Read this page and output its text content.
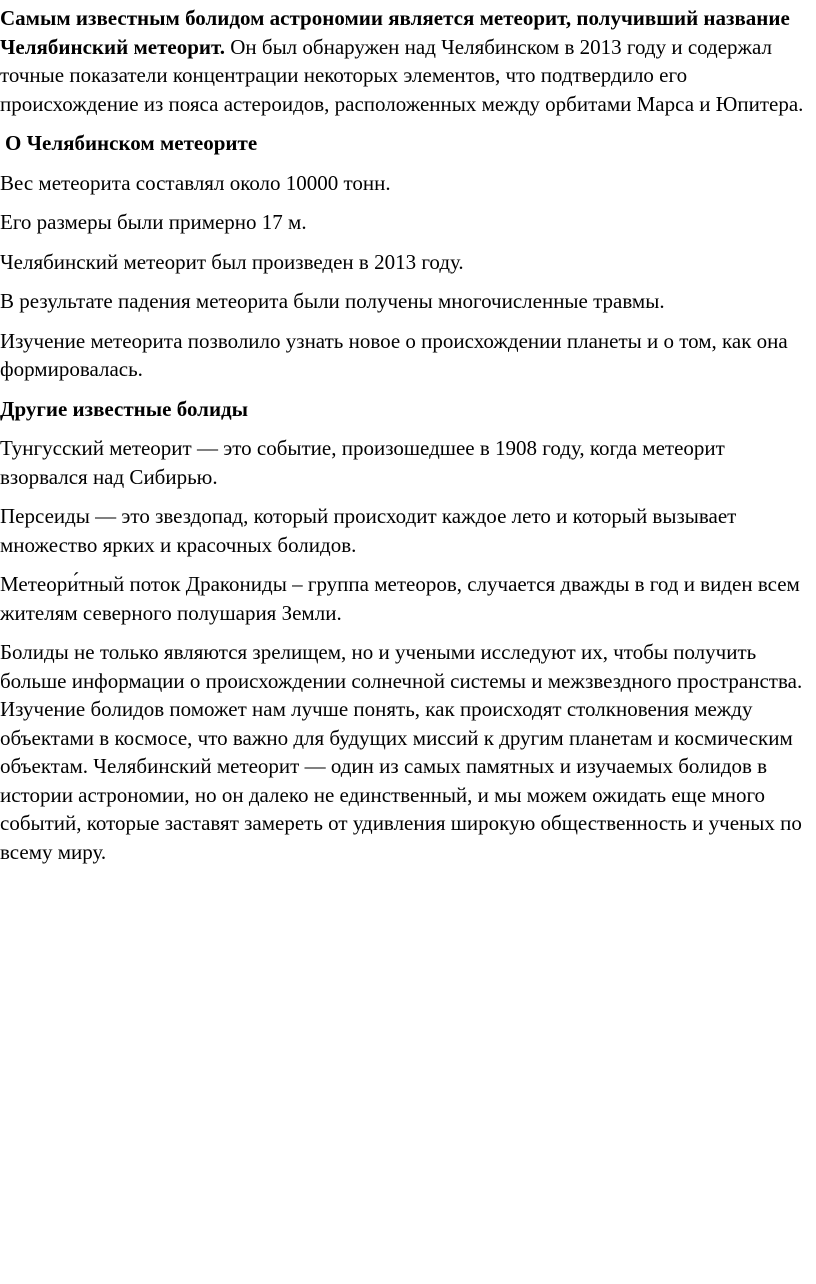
Самым известным болидом астрономии является метеорит, получивший название Челябинский метеорит. Он был обнаружен над Челябинском в 2013 году и содержал точные показатели концентрации некоторых элементов, что подтвердило его происхождение из пояса астероидов, расположенных между орбитами Марса и Юпитера.

О Челябинском метеорите

Вес метеорита составлял около 10000 тонн.

Его размеры были примерно 17 м.

Челябинский метеорит был произведен в 2013 году.

В результате падения метеорита были получены многочисленные травмы.

Изучение метеорита позволило узнать новое о происхождении планеты и о том, как она формировалась.

Другие известные болиды

Тунгусский метеорит — это событие, произошедшее в 1908 году, когда метеорит взорвался над Сибирью.

Персеиды — это звездопад, который происходит каждое лето и который вызывает множество ярких и красочных болидов.

Метеори́тный поток Дракониды – группа метеоров, случается дважды в год и виден всем жителям северного полушария Земли.

Болиды не только являются зрелищем, но и учеными исследуют их, чтобы получить больше информации о происхождении солнечной системы и межзвездного пространства. Изучение болидов поможет нам лучше понять, как происходят столкновения между объектами в космосе, что важно для будущих миссий к другим планетам и космическим объектам. Челябинский метеорит — один из самых памятных и изучаемых болидов в истории астрономии, но он далеко не единственный, и мы можем ожидать еще много событий, которые заставят замереть от удивления широкую общественность и ученых по всему миру.
